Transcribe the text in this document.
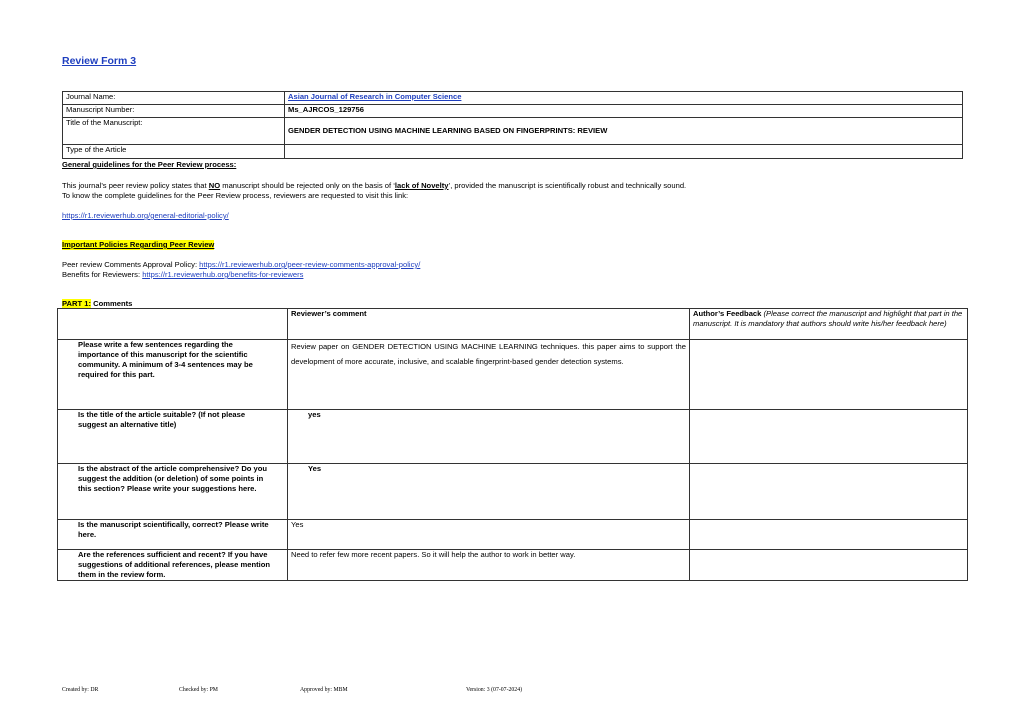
Review Form 3
Journal Name:	Asian Journal of Research in Computer Science
Manuscript Number:	Ms_AJRCOS_129756
Title of the Manuscript:	GENDER DETECTION USING MACHINE LEARNING BASED ON FINGERPRINTS: REVIEW
Type of the Article	
General guidelines for the Peer Review process:
This journal’s peer review policy states that NO manuscript should be rejected only on the basis of ‘lack of Novelty’, provided the manuscript is scientifically robust and technically sound.
To know the complete guidelines for the Peer Review process, reviewers are requested to visit this link:
https://r1.reviewerhub.org/general-editorial-policy/
Important Policies Regarding Peer Review
Peer review Comments Approval Policy: https://r1.reviewerhub.org/peer-review-comments-approval-policy/
Benefits for Reviewers: https://r1.reviewerhub.org/benefits-for-reviewers
PART 1: Comments
	Reviewer’s comment	Author’s Feedback (Please correct the manuscript and highlight that part in the manuscript. It is mandatory that authors should write his/her feedback here)
Please write a few sentences regarding the importance of this manuscript for the scientific community. A minimum of 3-4 sentences may be required for this part.	Review paper on GENDER DETECTION USING MACHINE LEARNING techniques. this paper aims to support the development of more accurate, inclusive, and scalable fingerprint-based gender detection systems.	
Is the title of the article suitable? (If not please suggest an alternative title)	yes	
Is the abstract of the article comprehensive? Do you suggest the addition (or deletion) of some points in this section? Please write your suggestions here.	Yes	
Is the manuscript scientifically, correct? Please write here.	Yes	
Are the references sufficient and recent? If you have suggestions of additional references, please mention them in the review form.	Need to refer few more recent papers. So it will help the author to work in better way.	
Created by: DR	Checked by: PM	Approved by: MBM	Version: 3 (07-07-2024)
